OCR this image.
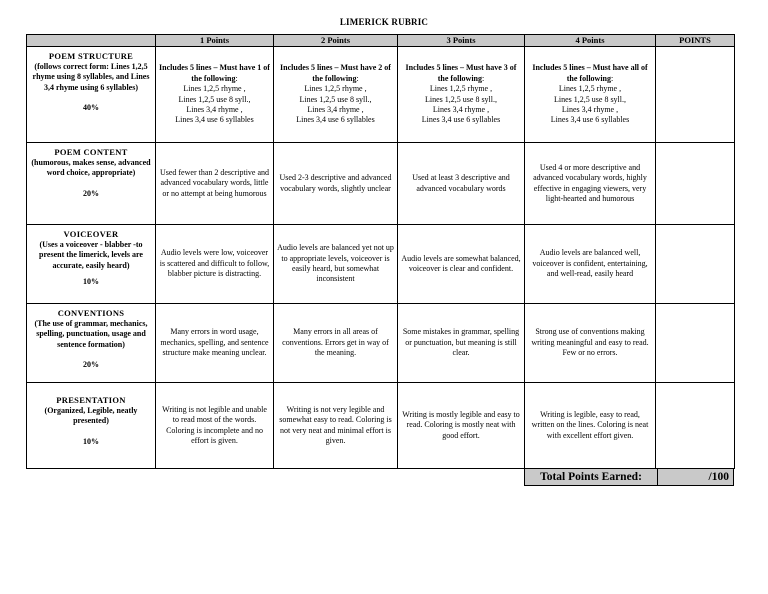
LIMERICK RUBRIC
	1 Points	2 Points	3 Points	4 Points	POINTS

POEM STRUCTURE
(follows correct form: Lines 1,2,5 rhyme using 8 syllables, and Lines 3,4 rhyme using 6 syllables)
40%	Includes 5 lines – Must have 1 of the following:
Lines 1,2,5 rhyme ,
Lines 1,2,5 use 8 syll.,
Lines 3,4 rhyme ,
Lines 3,4 use 6 syllables	Includes 5 lines – Must have 2 of the following:
Lines 1,2,5 rhyme ,
Lines 1,2,5 use 8 syll.,
Lines 3,4 rhyme ,
Lines 3,4 use 6 syllables	Includes 5 lines – Must have 3 of the following:
Lines 1,2,5 rhyme ,
Lines 1,2,5 use 8 syll.,
Lines 3,4 rhyme ,
Lines 3,4 use 6 syllables	Includes 5 lines – Must have all of the following:
Lines 1,2,5 rhyme ,
Lines 1,2,5 use 8 syll.,
Lines 3,4 rhyme ,
Lines 3,4 use 6 syllables	

POEM CONTENT
(humorous, makes sense, advanced word choice, appropriate)
20%	Used fewer than 2 descriptive and advanced vocabulary words, little or no attempt at being humorous	Used 2-3 descriptive and advanced vocabulary words, slightly unclear	Used at least 3 descriptive and advanced vocabulary words	Used 4 or more descriptive and advanced vocabulary words, highly effective in engaging viewers, very light-hearted and humorous	

VOICEOVER
(Uses a voiceover - blabber -to present the limerick, levels are accurate, easily heard)
10%	Audio levels were low, voiceover is scattered and difficult to follow, blabber picture is distracting.	Audio levels are balanced yet not up to appropriate levels, voiceover is easily heard, but somewhat inconsistent	Audio levels are somewhat balanced, voiceover is clear and confident.	Audio levels are balanced well, voiceover is confident, entertaining, and well-read, easily heard	

CONVENTIONS
(The use of grammar, mechanics, spelling, punctuation, usage and sentence formation)
20%	Many errors in word usage, mechanics, spelling, and sentence structure make meaning unclear.	Many errors in all areas of conventions. Errors get in way of the meaning.	Some mistakes in grammar, spelling or punctuation, but meaning is still clear.	Strong use of conventions making writing meaningful and easy to read. Few or no errors.	

PRESENTATION
(Organized, Legible, neatly presented)
10%	Writing is not legible and unable to read most of the words. Coloring is incomplete and no effort is given.	Writing is not very legible and somewhat easy to read. Coloring is not very neat and minimal effort is given.	Writing is mostly legible and easy to read. Coloring is mostly neat with good effort.	Writing is legible, easy to read, written on the lines. Coloring is neat with excellent effort given.	
Total Points Earned:	/100
